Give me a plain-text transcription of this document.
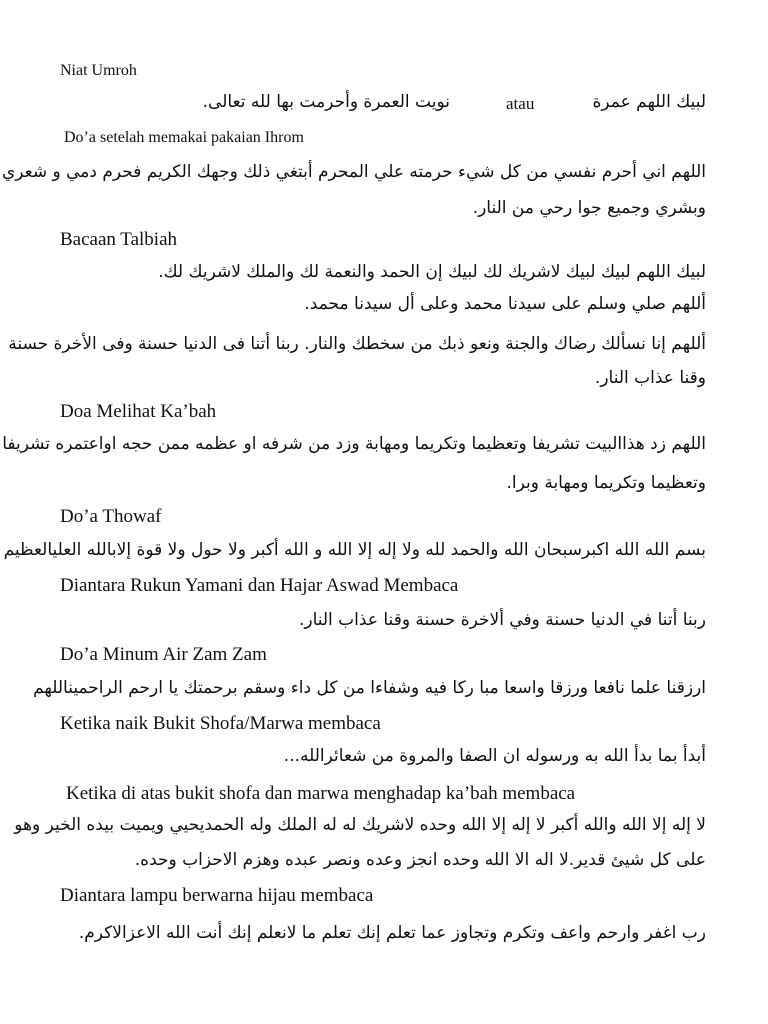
Niat Umroh
لبيك اللهم عمرة
atau
نويت العمرة وأحرمت بها لله تعالى.
Do’a setelah memakai pakaian Ihrom
اللهم اني أحرم نفسي من كل شيء حرمته علي المحرم أبتغي ذلك وجهك الكريم فحرم دمي و شعري
وبشري وجميع جوا رحي من النار.
Bacaan Talbiah
لبيك اللهم لبيك لبيك لاشريك لك لبيك إن الحمد والنعمة لك والملك لاشريك لك.
أللهم صلي وسلم على سيدنا محمد وعلى أل سيدنا محمد.
أللهم إنا نسألك رضاك والجنة ونعو ذبك من سخطك والنار. ربنا أتنا فى الدنيا حسنة وفى الأخرة حسنة
وقنا عذاب النار.
Doa Melihat Ka’bah
اللهم زد هذاالبيت تشريفا وتعظيما وتكريما ومهابة وزد من شرفه او عظمه ممن حجه اواعتمره تشريفا
وتعظيما وتكريما ومهابة وبرا.
Do’a Thowaf
بسم الله الله اكبرسبحان الله والحمد لله ولا إله إلا الله و الله أكبر ولا حول ولا قوة إلابالله العليالعظيم
Diantara Rukun Yamani dan Hajar Aswad Membaca
ربنا أتنا في الدنيا حسنة وفي ألاخرة حسنة وقنا عذاب النار.
Do’a Minum Air Zam Zam
ارزقنا علما نافعا ورزقا واسعا مبا ركا فيه وشفاءا من كل داء وسقم برحمتك يا ارحم الراحميناللهم
Ketika naik Bukit Shofa/Marwa membaca
أبدأ بما بدأ الله به ورسوله ان الصفا والمروة من شعائرالله...
Ketika di atas bukit shofa dan marwa menghadap ka’bah membaca
لا إله إلا الله والله أكبر لا إله إلا الله وحده لاشريك له له الملك وله الحمديحيي ويميت بيده الخير وهو
على كل شيئ قدير.لا اله الا الله وحده انجز وعده ونصر عبده وهزم الاحزاب وحده.
Diantara lampu berwarna hijau membaca
رب اغفر وارحم واعف وتكرم وتجاوز عما تعلم إنك تعلم ما لانعلم إنك أنت الله الاعزالاكرم.
